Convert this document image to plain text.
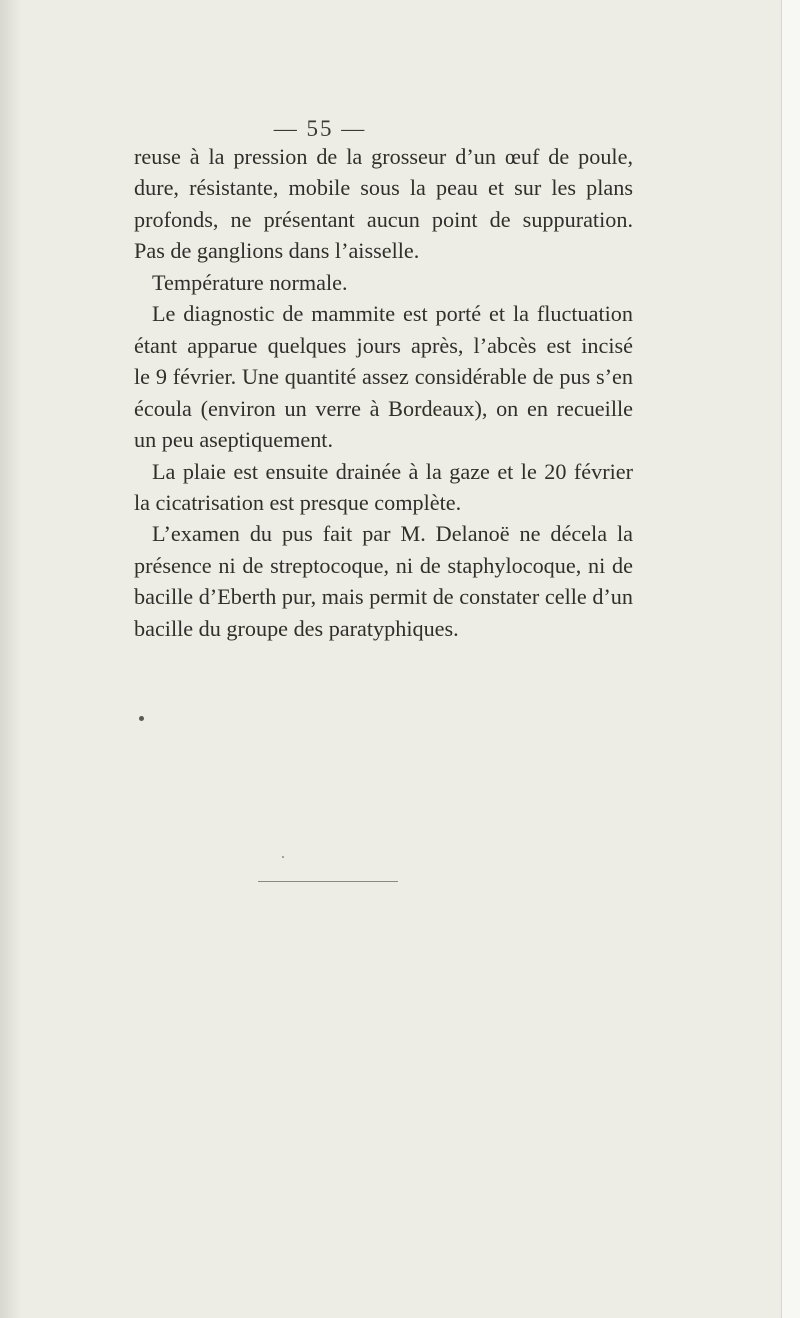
— 55 —
reuse à la pression de la grosseur d’un œuf de poule,
dure, résistante, mobile sous la peau et sur les plans
profonds, ne présentant aucun point de suppuration.
Pas de ganglions dans l’aisselle.
Température normale.
Le diagnostic de mammite est porté et la fluctuation
étant apparue quelques jours après, l’abcès est incisé
le 9 février. Une quantité assez considérable de pus s’en
écoula (environ un verre à Bordeaux), on en recueille
un peu aseptiquement.
La plaie est ensuite drainée à la gaze et le 20 février
la cicatrisation est presque complète.
L’examen du pus fait par M. Delanoë ne décela la
présence ni de streptocoque, ni de staphylocoque, ni de
bacille d’Eberth pur, mais permit de constater celle d’un
bacille du groupe des paratyphiques.
